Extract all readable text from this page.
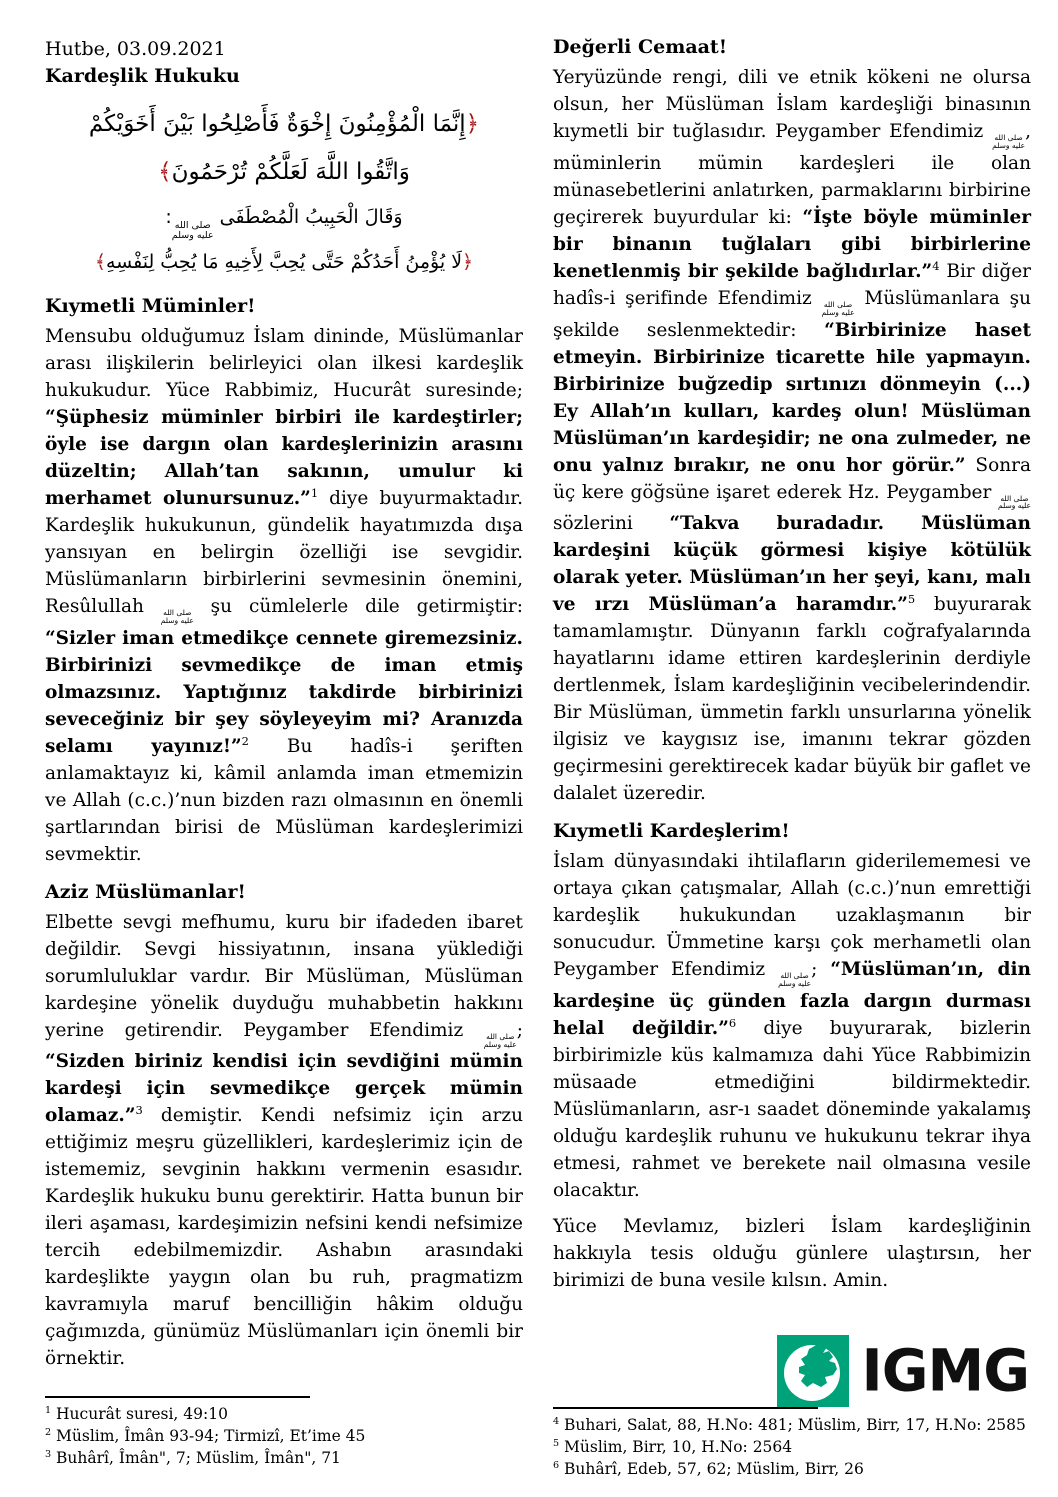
Hutbe, 03.09.2021
Kardeşlik Hukuku
﴿إِنَّمَا الْمُؤْمِنُونَ إِخْوَةٌ فَأَصْلِحُوا بَيْنَ أَخَوَيْكُمْ
وَاتَّقُوا اللَّهَ لَعَلَّكُمْ تُرْحَمُونَ﴾
وَقَالَ الْحَبِيبُ الْمُصْطَفَى
صلى الله
عليه وسلم
:
﴿لَا يُؤْمِنُ أَحَدُكُمْ حَتَّى يُحِبَّ لِأَخِيهِ مَا يُحِبُّ لِنَفْسِهِ﴾
Kıymetli Müminler!
Mensubu olduğumuz İslam dininde, Müslümanlar arası ilişkilerin belirleyici olan ilkesi kardeşlik hukukudur. Yüce Rabbimiz, Hucurât suresinde; “Şüphesiz müminler birbiri ile kardeştirler; öyle ise dargın olan kardeşlerinizin arasını düzeltin; Allah’tan sakının, umulur ki merhamet olunursunuz.”$^1$ diye buyurmaktadır. Kardeşlik hukukunun, gündelik hayatımızda dışa yansıyan en belirgin özelliği ise sevgidir. Müslümanların birbirlerini sevmesinin önemini, Resûlullah صلى الله
عليه وسلم
şu cümlelerle dile getirmiştir: “Sizler iman etmedikçe cennete giremezsiniz. Birbirinizi sevmedikçe de iman etmiş olmazsınız. Yaptığınız takdirde birbirinizi seveceğiniz bir şey söyleyeyim mi? Aranızda selamı yayınız!”$^2$ Bu hadîs-i şeriften anlamaktayız ki, kâmil anlamda iman etmemizin ve Allah (c.c.)’nun bizden razı olmasının en önemli şartlarından birisi de Müslüman kardeşlerimizi sevmektir.
Aziz Müslümanlar!
Elbette sevgi mefhumu, kuru bir ifadeden ibaret değildir. Sevgi hissiyatının, insana yüklediği sorumluluklar vardır. Bir Müslüman, Müslüman kardeşine yönelik duyduğu muhabbetin hakkını yerine getirendir. Peygamber Efendimiz صلى الله
عليه وسلم
; “Sizden biriniz kendisi için sevdiğini mümin kardeşi için sevmedikçe gerçek mümin olamaz.”$^3$ demiştir. Kendi nefsimiz için arzu ettiğimiz meşru güzellikleri, kardeşlerimiz için de istememiz, sevginin hakkını vermenin esasıdır. Kardeşlik hukuku bunu gerektirir. Hatta bunun bir ileri aşaması, kardeşimizin nefsini kendi nefsimize tercih edebilmemizdir. Ashabın arasındaki kardeşlikte yaygın olan bu ruh, pragmatizm kavramıyla maruf bencilliğin hâkim olduğu çağımızda, günümüz Müslümanları için önemli bir örnektir.
$^1$ Hucurât suresi, 49:10
$^2$ Müslim, Îmân 93-94; Tirmizî, Et’ime 45
$^3$ Buhârî, Îmân", 7; Müslim, Îmân", 71
Değerli Cemaat!
Yeryüzünde rengi, dili ve etnik kökeni ne olursa olsun, her Müslüman İslam kardeşliği binasının kıymetli bir tuğlasıdır. Peygamber Efendimiz صلى الله
عليه وسلم
, müminlerin mümin kardeşleri ile olan münasebetlerini anlatırken, parmaklarını birbirine geçirerek buyurdular ki: “İşte böyle müminler bir binanın tuğlaları gibi birbirlerine kenetlenmiş bir şekilde bağlıdırlar.”$^4$ Bir diğer hadîs-i şerifinde Efendimiz صلى الله
عليه وسلم
Müslümanlara şu şekilde seslenmektedir: “Birbirinize haset etmeyin. Birbirinize ticarette hile yapmayın. Birbirinize buğzedip sırtınızı dönmeyin (...) Ey Allah’ın kulları, kardeş olun! Müslüman Müslüman’ın kardeşidir; ne ona zulmeder, ne onu yalnız bırakır, ne onu hor görür.” Sonra üç kere göğsüne işaret ederek Hz. Peygamber صلى الله
عليه وسلم
sözlerini “Takva buradadır. Müslüman kardeşini küçük görmesi kişiye kötülük olarak yeter. Müslüman’ın her şeyi, kanı, malı ve ırzı Müslüman’a haramdır.”$^5$ buyurarak tamamlamıştır. Dünyanın farklı coğrafyalarında hayatlarını idame ettiren kardeşlerinin derdiyle dertlenmek, İslam kardeşliğinin vecibelerindendir. Bir Müslüman, ümmetin farklı unsurlarına yönelik ilgisiz ve kaygısız ise, imanını tekrar gözden geçirmesini gerektirecek kadar büyük bir gaflet ve dalalet üzeredir.
Kıymetli Kardeşlerim!
İslam dünyasındaki ihtilafların giderilememesi ve ortaya çıkan çatışmalar, Allah (c.c.)’nun emrettiği kardeşlik hukukundan uzaklaşmanın bir sonucudur. Ümmetine karşı çok merhametli olan Peygamber Efendimiz صلى الله
عليه وسلم
; “Müslüman’ın, din kardeşine üç günden fazla dargın durması helal değildir.”$^6$ diye buyurarak, bizlerin birbirimizle küs kalmamıza dahi Yüce Rabbimizin müsaade etmediğini bildirmektedir. Müslümanların, asr-ı saadet döneminde yakalamış olduğu kardeşlik ruhunu ve hukukunu tekrar ihya etmesi, rahmet ve berekete nail olmasına vesile olacaktır.
Yüce Mevlamız, bizleri İslam kardeşliğinin hakkıyla tesis olduğu günlere ulaştırsın, her birimizi de buna vesile kılsın. Amin.
IGMG
$^4$ Buhari, Salat, 88, H.No: 481; Müslim, Birr, 17, H.No: 2585
$^5$ Müslim, Birr, 10, H.No: 2564
$^6$ Buhârî, Edeb, 57, 62; Müslim, Birr, 26
